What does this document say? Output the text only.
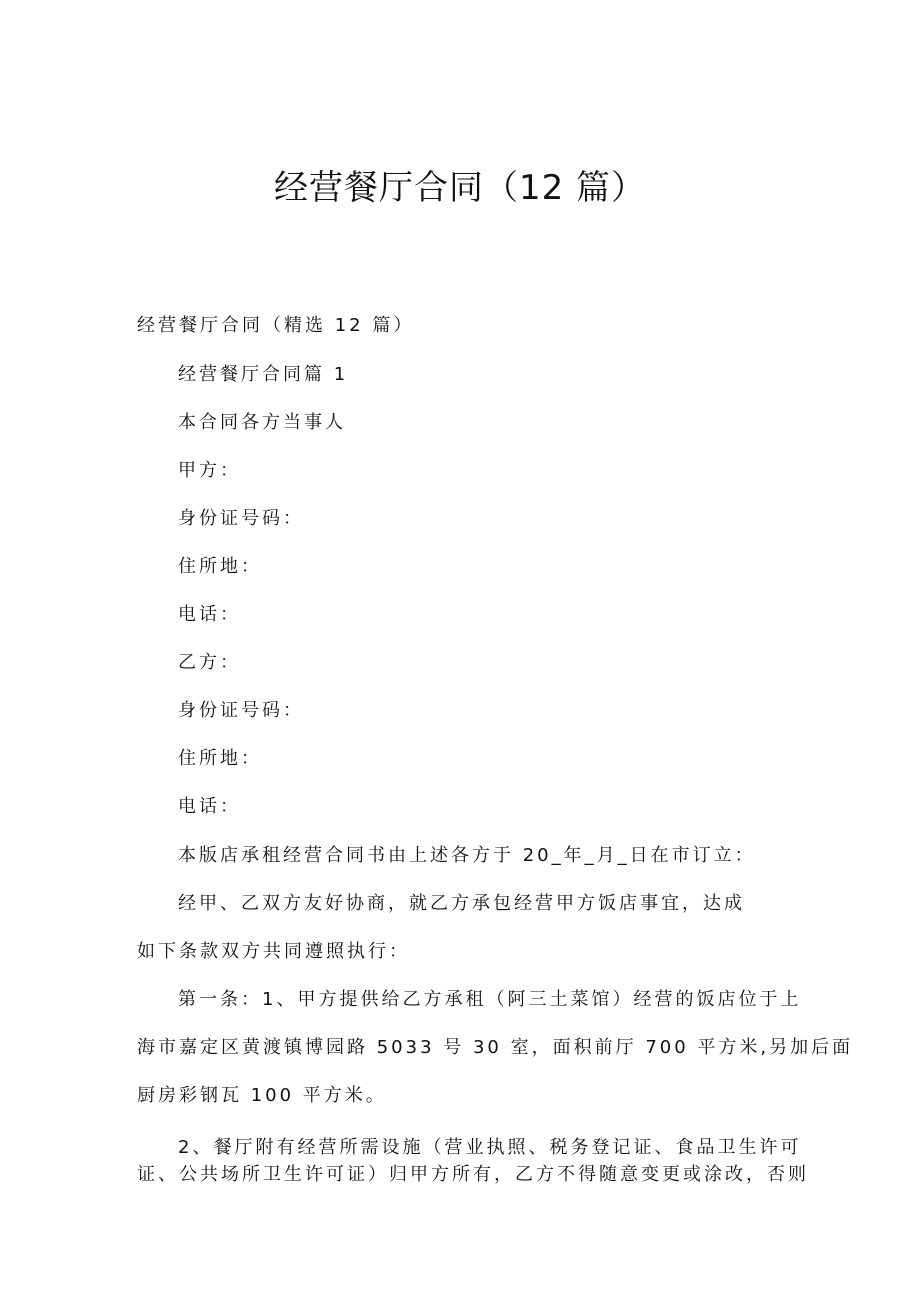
经营餐厅合同（12 篇）
经营餐厅合同（精选 12 篇）
经营餐厅合同篇 1
本合同各方当事人
甲方：
身份证号码：
住所地：
电话：
乙方：
身份证号码：
住所地：
电话：
本版店承租经营合同书由上述各方于 20_年_月_日在市订立：
经甲、乙双方友好协商，就乙方承包经营甲方饭店事宜，达成
如下条款双方共同遵照执行：
第一条：1、甲方提供给乙方承租（阿三土菜馆）经营的饭店位于上
海市嘉定区黄渡镇博园路 5033 号 30 室，面积前厅 700 平方米,另加后面
厨房彩钢瓦 100 平方米。
2、餐厅附有经营所需设施（营业执照、税务登记证、食品卫生许可
证、公共场所卫生许可证）归甲方所有，乙方不得随意变更或涂改，否则
